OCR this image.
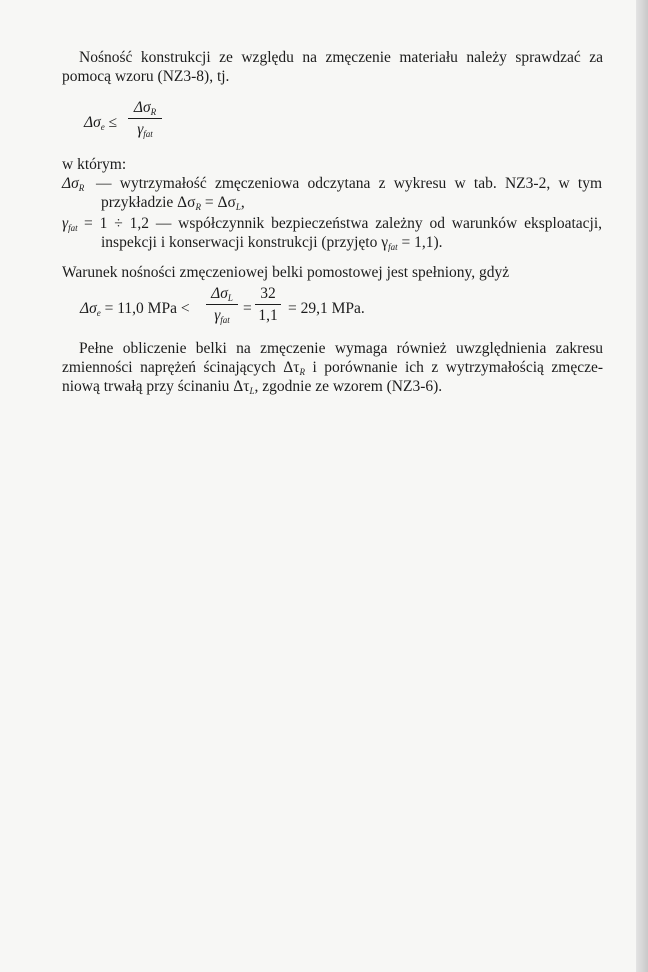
Nośność konstrukcji ze względu na zmęczenie materiału należy sprawdzać za
pomocą wzoru (NZ3-8), tj.
$\Delta\sigma_e$ ≤
$\Delta\sigma_R$
$\gamma_{fat}$
w którym:
$\Delta\sigma_R$ — wytrzymałość zmęczeniowa odczytana z wykresu w tab. NZ3-2, w tym
przykładzie $\Delta\sigma_R = \Delta\sigma_L$,
$\gamma_{fat} = 1 \div 1,2$ — współczynnik bezpieczeństwa zależny od warunków eksploatacji,
inspekcji i konserwacji konstrukcji (przyjęto $\gamma_{fat} = 1,1$).
Warunek nośności zmęczeniowej belki pomostowej jest spełniony, gdyż
$\Delta\sigma_e = 11,0$ MPa <
$\Delta\sigma_L$
$\gamma_{fat}$
=
32
1,1 = 29,1 MPa.
Pełne obliczenie belki na zmęczenie wymaga również uwzględnienia zakresu
zmienności naprężeń ścinających $\Delta\tau_R$ i porównanie ich z wytrzymałością zmęcze-
niową trwałą przy ścinaniu $\Delta\tau_L$, zgodnie ze wzorem (NZ3-6).
